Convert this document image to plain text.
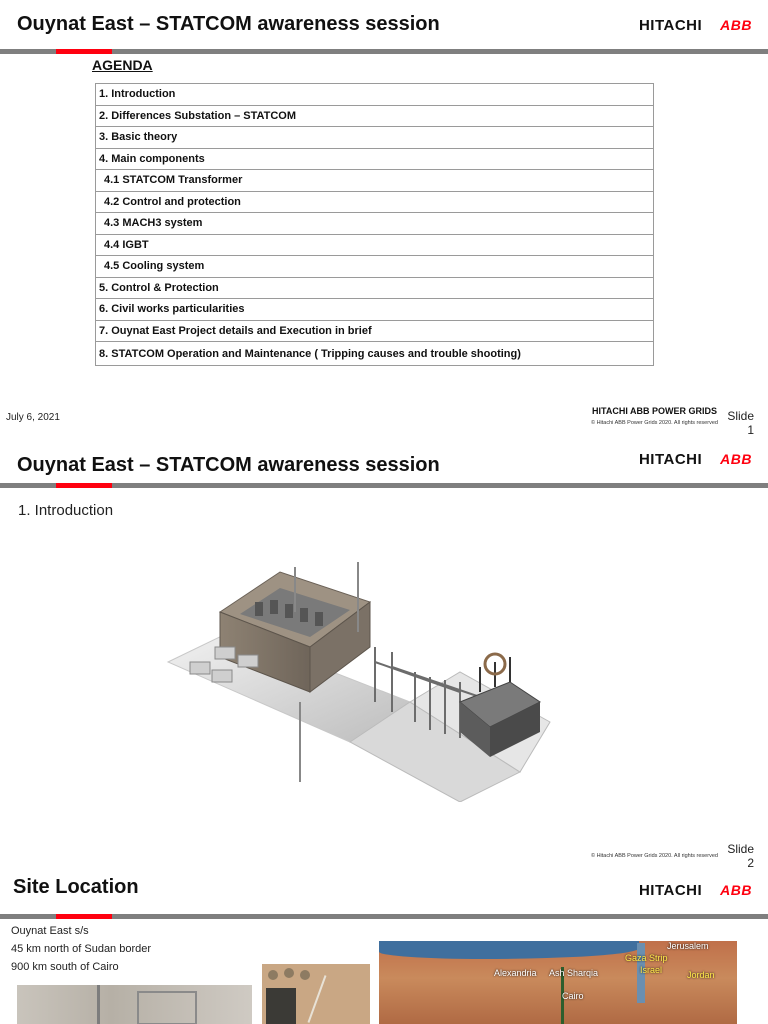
Ouynat East – STATCOM awareness session	HITACHI ABB
AGENDA
1. Introduction
2. Differences Substation – STATCOM
3. Basic theory
4. Main components
4.1 STATCOM Transformer
4.2 Control and protection
4.3 MACH3 system
4.4 IGBT
4.5 Cooling system
5. Control & Protection
6. Civil works particularities
7. Ouynat East Project details and Execution in brief
8. STATCOM Operation and Maintenance ( Tripping causes and trouble shooting)
July 6, 2021
HITACHI ABB POWER GRIDS
© Hitachi ABB Power Grids 2020. All rights reserved Slide
1
Ouynat East – STATCOM awareness session	HITACHI ABB
1. Introduction
© Hitachi ABB Power Grids 2020. All rights reserved Slide
2
Site Location	HITACHI ABB
Ouynat East s/s
45 km north of Sudan border
900 km south of Cairo
Jerusalem
Alexandria Ash Sharqia
Gaza Strip
Israel	Jordan
Cairo
